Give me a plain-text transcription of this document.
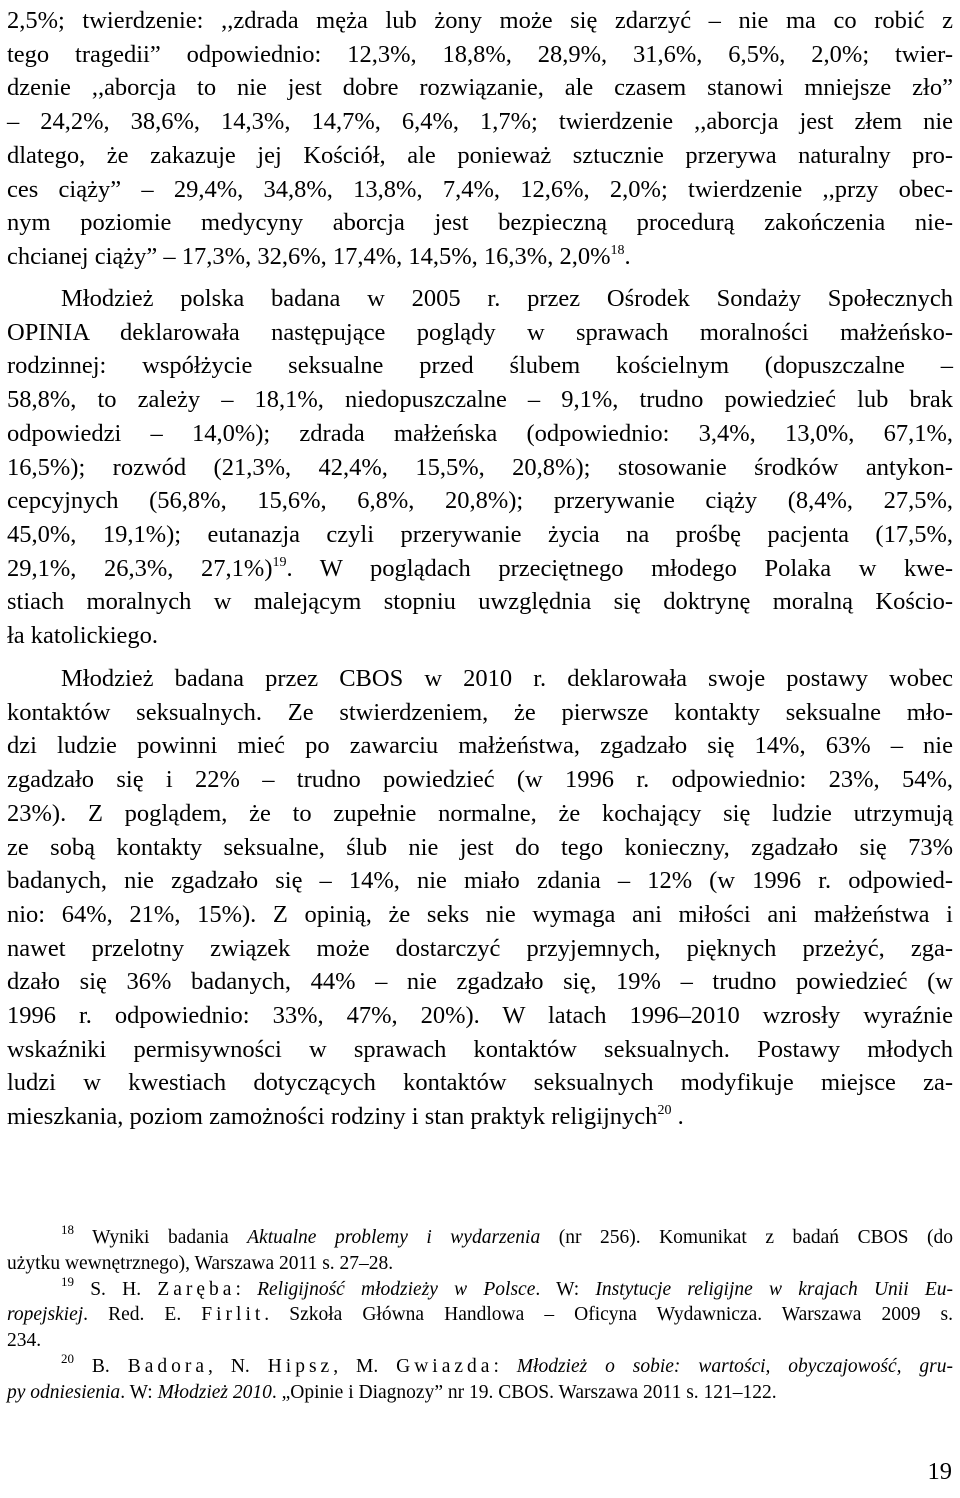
2,5%; twierdzenie: ,,zdrada męża lub żony może się zdarzyć – nie ma co robić z
tego tragedii” odpowiednio: 12,3%, 18,8%, 28,9%, 31,6%, 6,5%, 2,0%; twier-
dzenie ,,aborcja to nie jest dobre rozwiązanie, ale czasem stanowi mniejsze zło”
– 24,2%, 38,6%, 14,3%, 14,7%, 6,4%, 1,7%; twierdzenie ,,aborcja jest złem nie
dlatego, że zakazuje jej Kościół, ale ponieważ sztucznie przerywa naturalny pro-
ces ciąży” – 29,4%, 34,8%, 13,8%, 7,4%, 12,6%, 2,0%; twierdzenie ,,przy obec-
nym poziomie medycyny aborcja jest bezpieczną procedurą zakończenia nie-
chcianej ciąży” – 17,3%, 32,6%, 17,4%, 14,5%, 16,3%, 2,0%$^{18}$.
Młodzież polska badana w 2005 r. przez Ośrodek Sondaży Społecznych
OPINIA deklarowała następujące poglądy w sprawach moralności małżeńsko-
rodzinnej: współżycie seksualne przed ślubem kościelnym (dopuszczalne –
58,8%, to zależy – 18,1%, niedopuszczalne – 9,1%, trudno powiedzieć lub brak
odpowiedzi – 14,0%); zdrada małżeńska (odpowiednio: 3,4%, 13,0%, 67,1%,
16,5%); rozwód (21,3%, 42,4%, 15,5%, 20,8%); stosowanie środków antykon-
cepcyjnych (56,8%, 15,6%, 6,8%, 20,8%); przerywanie ciąży (8,4%, 27,5%,
45,0%, 19,1%); eutanazja czyli przerywanie życia na prośbę pacjenta (17,5%,
29,1%, 26,3%, 27,1%)$^{19}$. W poglądach przeciętnego młodego Polaka w kwe-
stiach moralnych w malejącym stopniu uwzględnia się doktrynę moralną Kościo-
ła katolickiego.
Młodzież badana przez CBOS w 2010 r. deklarowała swoje postawy wobec
kontaktów seksualnych. Ze stwierdzeniem, że pierwsze kontakty seksualne mło-
dzi ludzie powinni mieć po zawarciu małżeństwa, zgadzało się 14%, 63% – nie
zgadzało się i 22% – trudno powiedzieć (w 1996 r. odpowiednio: 23%, 54%,
23%). Z poglądem, że to zupełnie normalne, że kochający się ludzie utrzymują
ze sobą kontakty seksualne, ślub nie jest do tego konieczny, zgadzało się 73%
badanych, nie zgadzało się – 14%, nie miało zdania – 12% (w 1996 r. odpowied-
nio: 64%, 21%, 15%). Z opinią, że seks nie wymaga ani miłości ani małżeństwa i
nawet przelotny związek może dostarczyć przyjemnych, pięknych przeżyć, zga-
dzało się 36% badanych, 44% – nie zgadzało się, 19% – trudno powiedzieć (w
1996 r. odpowiednio: 33%, 47%, 20%). W latach 1996–2010 wzrosły wyraźnie
wskaźniki permisywności w sprawach kontaktów seksualnych. Postawy młodych
ludzi w kwestiach dotyczących kontaktów seksualnych modyfikuje miejsce za-
mieszkania, poziom zamożności rodziny i stan praktyk religijnych$^{20}$ .
$^{18}$ Wyniki badania Aktualne problemy i wydarzenia (nr 256). Komunikat z badań CBOS (do
użytku wewnętrznego), Warszawa 2011 s. 27–28.
$^{19}$ S. H. Zaręba: Religijność młodzieży w Polsce. W: Instytucje religijne w krajach Unii Eu-
ropejskiej. Red. E. Firlit. Szkoła Główna Handlowa – Oficyna Wydawnicza. Warszawa 2009 s.
234.
$^{20}$ B. Badora, N. Hipsz, M. Gwiazda: Młodzież o sobie: wartości, obyczajowość, gru-
py odniesienia. W: Młodzież 2010. „Opinie i Diagnozy” nr 19. CBOS. Warszawa 2011 s. 121–122.
19
